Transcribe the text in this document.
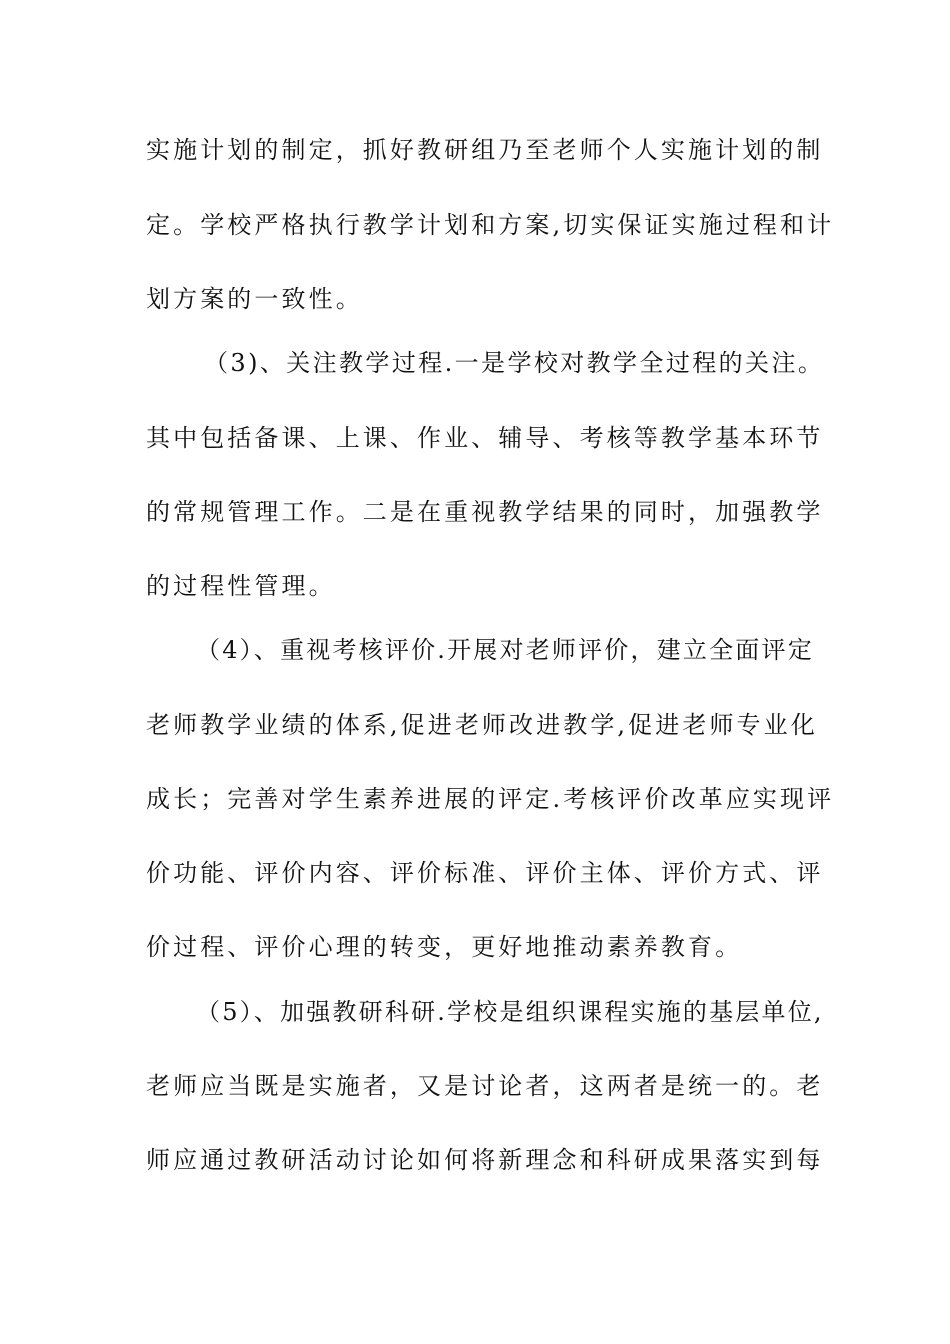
实施计划的制定，抓好教研组乃至老师个人实施计划的制
定。学校严格执行教学计划和方案,切实保证实施过程和计
划方案的一致性。
（3)、关注教学过程.一是学校对教学全过程的关注。
其中包括备课、上课、作业、辅导、考核等教学基本环节
的常规管理工作。二是在重视教学结果的同时，加强教学
的过程性管理。
（4）、重视考核评价.开展对老师评价，建立全面评定
老师教学业绩的体系,促进老师改进教学,促进老师专业化
成长；完善对学生素养进展的评定.考核评价改革应实现评
价功能、评价内容、评价标准、评价主体、评价方式、评
价过程、评价心理的转变，更好地推动素养教育。
（5）、加强教研科研.学校是组织课程实施的基层单位,
老师应当既是实施者，又是讨论者，这两者是统一的。老
师应通过教研活动讨论如何将新理念和科研成果落实到每
